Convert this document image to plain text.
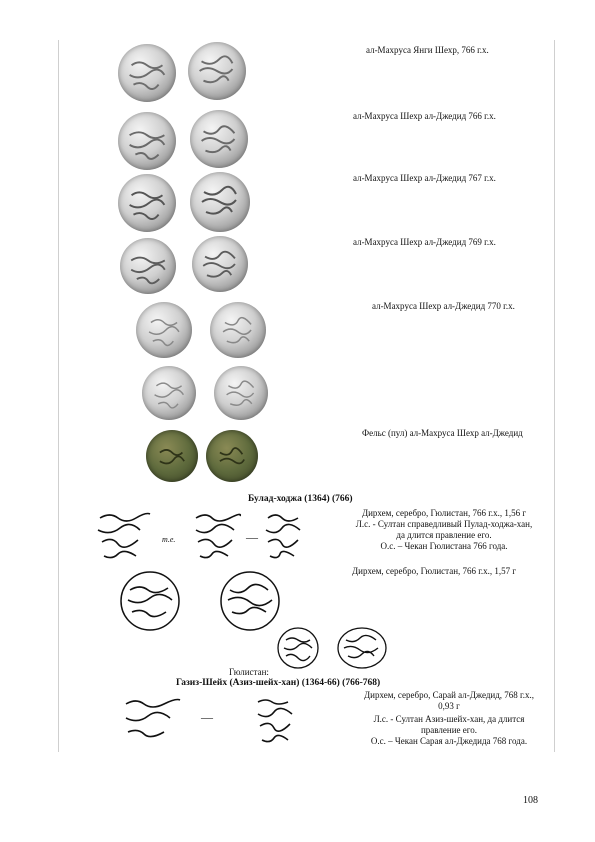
ал-Махруса Янги Шехр, 766 г.х.
ал-Махруса Шехр ал-Джедид 766 г.х.
ал-Махруса Шехр ал-Джедид 767 г.х.
ал-Махруса Шехр ал-Джедид 769 г.х.
ал-Махруса Шехр ал-Джедид 770 г.х.
Фельс (пул) ал-Махруса Шехр ал-Джедид
Булад-ходжа (1364) (766)
т.е.	—
Дирхем, серебро, Гюлистан, 766 г.х., 1,56 г
Л.с. - Султан справедливый Пулад-ходжа-хан,
да длится правление его.
О.с. – Чекан Гюлистана 766 года.
Дирхем, серебро, Гюлистан, 766 г.х., 1,57 г
Гюлистан:
Газиз-Шейх (Азиз-шейх-хан) (1364-66) (766-768)
—
Дирхем, серебро, Сарай ал-Джедид, 768 г.х.,
0,93 г
Л.с. - Султан Азиз-шейх-хан, да длится
правление его.
О.с. – Чекан Сарая ал-Джедида 768 года.
108
